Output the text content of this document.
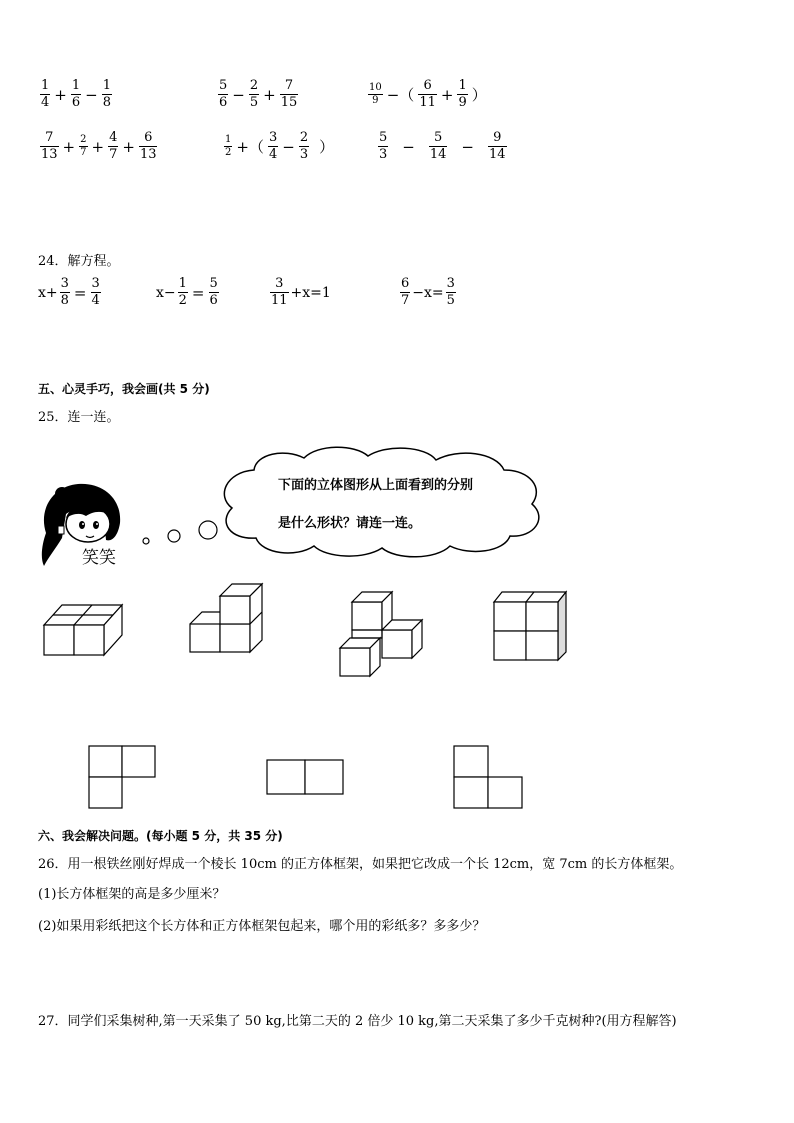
$\frac{1}{4} + \frac{1}{6} - \frac{1}{8}$	$\frac{5}{6} - \frac{2}{5} + \frac{7}{15}$	$\frac{10}{9}$ −（ $\frac{6}{11} + \frac{1}{9}$ ）
$\frac{7}{13} + \frac{2}{7} + \frac{4}{7} + \frac{6}{13}$	$\frac{1}{2}$ +（ $\frac{3}{4} - \frac{2}{3}$ ）	$\frac{5}{3} - \frac{5}{14} - \frac{9}{14}$
24．解方程。
$x+ \frac{3}{8} = \frac{3}{4}$	$x- \frac{1}{2} = \frac{5}{6}$	$\frac{3}{11} +x=1$	$\frac{6}{7} -x= \frac{3}{5}$
五、心灵手巧，我会画(共 5 分)
25．连一连。
笑笑
下面的立体图形从上面看到的分别
是什么形状？请连一连。
六、我会解决问题。(每小题 5 分，共 35 分)
26．用一根铁丝刚好焊成一个棱长 10cm 的正方体框架，如果把它改成一个长 12cm，宽 7cm 的长方体框架。
(1)长方体框架的高是多少厘米？
(2)如果用彩纸把这个长方体和正方体框架包起来，哪个用的彩纸多？多多少？
27．同学们采集树种,第一天采集了 50 kg,比第二天的 2 倍少 10 kg,第二天采集了多少千克树种?(用方程解答)
